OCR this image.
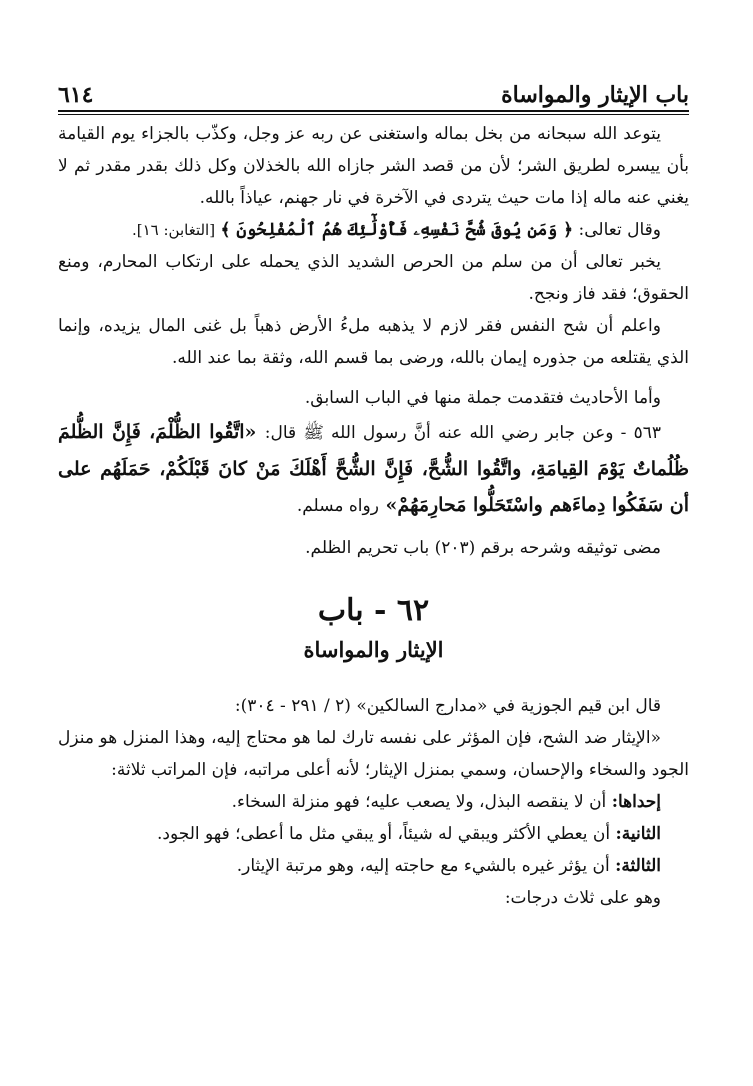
باب الإيثار والمواساة
٦١٤

يتوعد الله سبحانه من بخل بماله واستغنى عن ربه عز وجل، وكذّب بالجزاء يوم القيامة بأن ييسره لطريق الشر؛ لأن من قصد الشر جازاه الله بالخذلان وكل ذلك بقدر مقدر ثم لا يغني عنه ماله إذا مات حيث يتردى في الآخرة في نار جهنم، عياذاً بالله.

وقال تعالى: ﴿ وَمَن يُوقَ شُحَّ نَفْسِهِۦ فَأُوْلَٰٓئِكَ هُمُ ٱلْمُفْلِحُونَ ﴾ [التغابن: ١٦].

يخبر تعالى أن من سلم من الحرص الشديد الذي يحمله على ارتكاب المحارم، ومنع الحقوق؛ فقد فاز ونجح.

واعلم أن شح النفس فقر لازم لا يذهبه ملءُ الأرض ذهباً بل غنى المال يزيده، وإنما الذي يقتلعه من جذوره إيمان بالله، ورضى بما قسم الله، وثقة بما عند الله.

وأما الأحاديث فتقدمت جملة منها في الباب السابق.

٥٦٣ - وعن جابر رضي الله عنه أنَّ رسول الله ﷺ قال: «اتَّقُوا الظُّلْمَ، فَإِنَّ الظُّلمَ ظُلُماتٌ يَوْمَ القِيامَةِ، واتَّقُوا الشُّحَّ، فَإِنَّ الشُّحَّ أَهْلَكَ مَنْ كانَ قَبْلَكُمْ، حَمَلَهُم على أن سَفَكُوا دِماءَهم واسْتَحَلُّوا مَحارِمَهُمْ» رواه مسلم.

مضى توثيقه وشرحه برقم (٢٠٣) باب تحريم الظلم.

٦٢ - باب
الإيثار والمواساة

قال ابن قيم الجوزية في «مدارج السالكين» (٢ / ٢٩١ - ٣٠٤):

«الإيثار ضد الشح، فإن المؤثر على نفسه تارك لما هو محتاج إليه، وهذا المنزل هو منزل الجود والسخاء والإحسان، وسمي بمنزل الإيثار؛ لأنه أعلى مراتبه، فإن المراتب ثلاثة:

إحداها: أن لا ينقصه البذل، ولا يصعب عليه؛ فهو منزلة السخاء.

الثانية: أن يعطي الأكثر ويبقي له شيئاً، أو يبقي مثل ما أعطى؛ فهو الجود.

الثالثة: أن يؤثر غيره بالشيء مع حاجته إليه، وهو مرتبة الإيثار.

وهو على ثلاث درجات:
